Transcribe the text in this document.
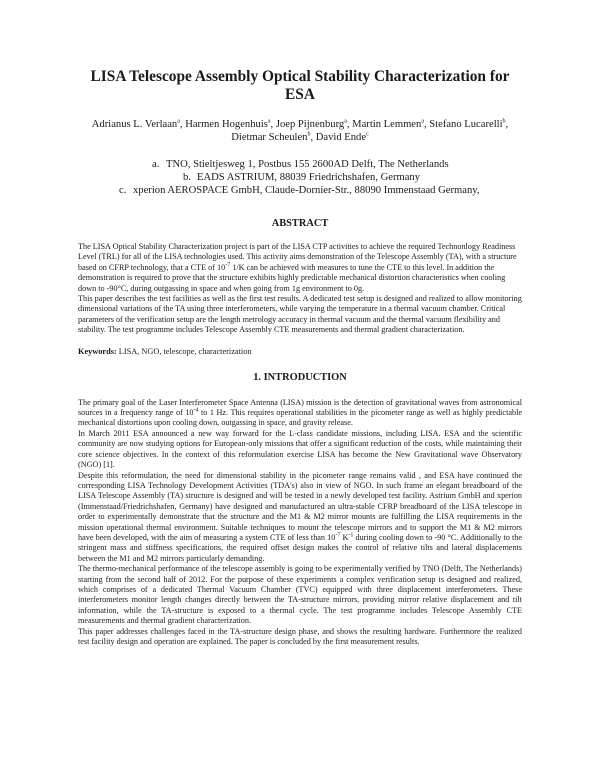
LISA Telescope Assembly Optical Stability Characterization for ESA
Adrianus L. Verlaan$^a$, Harmen Hogenhuis$^a$, Joep Pijnenburg$^a$, Martin Lemmen$^a$, Stefano Lucarelli$^b$,
Dietmar Scheulen$^b$, David Ende$^c$
a. TNO, Stieltjesweg 1, Postbus 155 2600AD Delft, The Netherlands
b. EADS ASTRIUM, 88039 Friedrichshafen, Germany
c. xperion AEROSPACE GmbH, Claude-Dornier-Str., 88090 Immenstaad Germany,
ABSTRACT

The LISA Optical Stability Characterization project is part of the LISA CTP activities to achieve the required Technonlogy Readiness Level (TRL) for all of the LISA technologies used. This activity aims demonstration of the Telescope Assembly (TA), with a structure based on CFRP technology, that a CTE of $10^{-7}$ 1/K can be achieved with measures to tune the CTE to this level. In addition the demonstration is required to prove that the structure exhibits highly predictable mechanical distortion characteristics when cooling down to -90°C, during outgassing in space and when going from 1g environment to 0g.

This paper describes the test facilities as well as the first test results. A dedicated test setup is designed and realized to allow monitoring dimensional variations of the TA using three interferometers, while varying the temperature in a thermal vacuum chamber. Critical parameters of the verification setup are the length metrology accuracy in thermal vacuum and the thermal vacuum flexibility and stability. The test programme includes Telescope Assembly CTE measurements and thermal gradient characterization.

Keywords: LISA, NGO, telescope, characterization

1. INTRODUCTION

The primary goal of the Laser Interferometer Space Antenna (LISA) mission is the detection of gravitational waves from astronomical sources in a frequency range of $10^{-4}$ to 1 Hz. This requires operational stabilities in the picometer range as well as highly predictable mechanical distortions upon cooling down, outgassing in space, and gravity release.

In March 2011 ESA announced a new way forward for the L-class candidate missions, including LISA. ESA and the scientific community are now studying options for European-only missions that offer a significant reduction of the costs, while maintaining their core science objectives. In the context of this reformulation exercise LISA has become the New Gravitational wave Observatory (NGO) [1].

Despite this reformulation, the need for dimensional stability in the picometer range remains valid , and ESA have continued the corresponding LISA Technology Development Activities (TDA's) also in view of NGO. In such frame an elegant breadboard of the LISA Telescope Assembly (TA) structure is designed and will be tested in a newly developed test facility. Astrium GmbH and xperion (Immenstaad/Friedrichshafen, Germany) have designed and manufactured an ultra-stable CFRP breadboard of the LISA telescope in order to experimentally demonstrate that the structure and the M1 & M2 mirror mounts are fulfilling the LISA requirements in the mission operational thermal environment. Suitable techniques to mount the telescope mirrors and to support the M1 & M2 mirrors have been developed, with the aim of measuring a system CTE of less than $10^{-7}$ $K^{-1}$ during cooling down to -90 °C. Additionally to the stringent mass and stiffness specifications, the required offset design makes the control of relative tilts and lateral displacements between the M1 and M2 mirrors particularly demanding.

The thermo-mechanical performance of the telescope assembly is going to be experimentally verified by TNO (Delft, The Netherlands) starting from the second half of 2012. For the purpose of these experiments a complex verification setup is designed and realized, which comprises of a dedicated Thermal Vacuum Chamber (TVC) equipped with three displacement interferometers. These interferometers monitor length changes directly between the TA-structure mirrors, providing mirror relative displacement and tilt information, while the TA-structure is exposed to a thermal cycle. The test programme includes Telescope Assembly CTE measurements and thermal gradient characterization.

This paper addresses challenges faced in the TA-structure design phase, and shows the resulting hardware. Furthermore the realized test facility design and operation are explained. The paper is concluded by the first measurement results.
